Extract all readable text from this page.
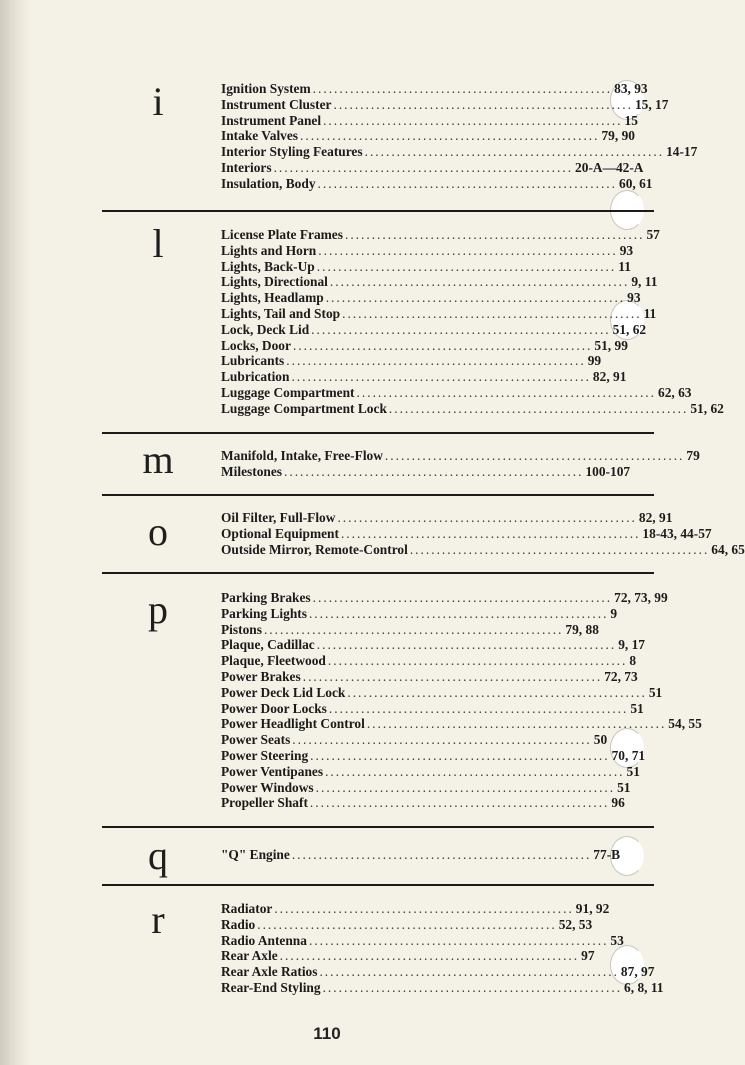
i	Ignition System ........................................................ 83, 93
Instrument Cluster ........................................................ 15, 17
Instrument Panel ........................................................ 15
Intake Valves ........................................................ 79, 90
Interior Styling Features ........................................................ 14-17
Interiors ........................................................ 20-A—42-A
Insulation, Body ........................................................ 60, 61
l	License Plate Frames ........................................................ 57
Lights and Horn ........................................................ 93
Lights, Back-Up ........................................................ 11
Lights, Directional ........................................................ 9, 11
Lights, Headlamp ........................................................ 93
Lights, Tail and Stop ........................................................ 11
Lock, Deck Lid ........................................................ 51, 62
Locks, Door ........................................................ 51, 99
Lubricants ........................................................ 99
Lubrication ........................................................ 82, 91
Luggage Compartment ........................................................ 62, 63
Luggage Compartment Lock ........................................................ 51, 62
m	Manifold, Intake, Free-Flow ........................................................ 79
Milestones ........................................................ 100-107
o	Oil Filter, Full-Flow ........................................................ 82, 91
Optional Equipment ........................................................ 18-43, 44-57
Outside Mirror, Remote-Control ........................................................ 64, 65
p	Parking Brakes ........................................................ 72, 73, 99
Parking Lights ........................................................ 9
Pistons ........................................................ 79, 88
Plaque, Cadillac ........................................................ 9, 17
Plaque, Fleetwood ........................................................ 8
Power Brakes ........................................................ 72, 73
Power Deck Lid Lock ........................................................ 51
Power Door Locks ........................................................ 51
Power Headlight Control ........................................................ 54, 55
Power Seats ........................................................ 50
Power Steering ........................................................ 70, 71
Power Ventipanes ........................................................ 51
Power Windows ........................................................ 51
Propeller Shaft ........................................................ 96
q	"Q" Engine ........................................................ 77-B
r	Radiator ........................................................ 91, 92
Radio ........................................................ 52, 53
Radio Antenna ........................................................ 53
Rear Axle ........................................................ 97
Rear Axle Ratios ........................................................ 87, 97
Rear-End Styling ........................................................ 6, 8, 11
110
